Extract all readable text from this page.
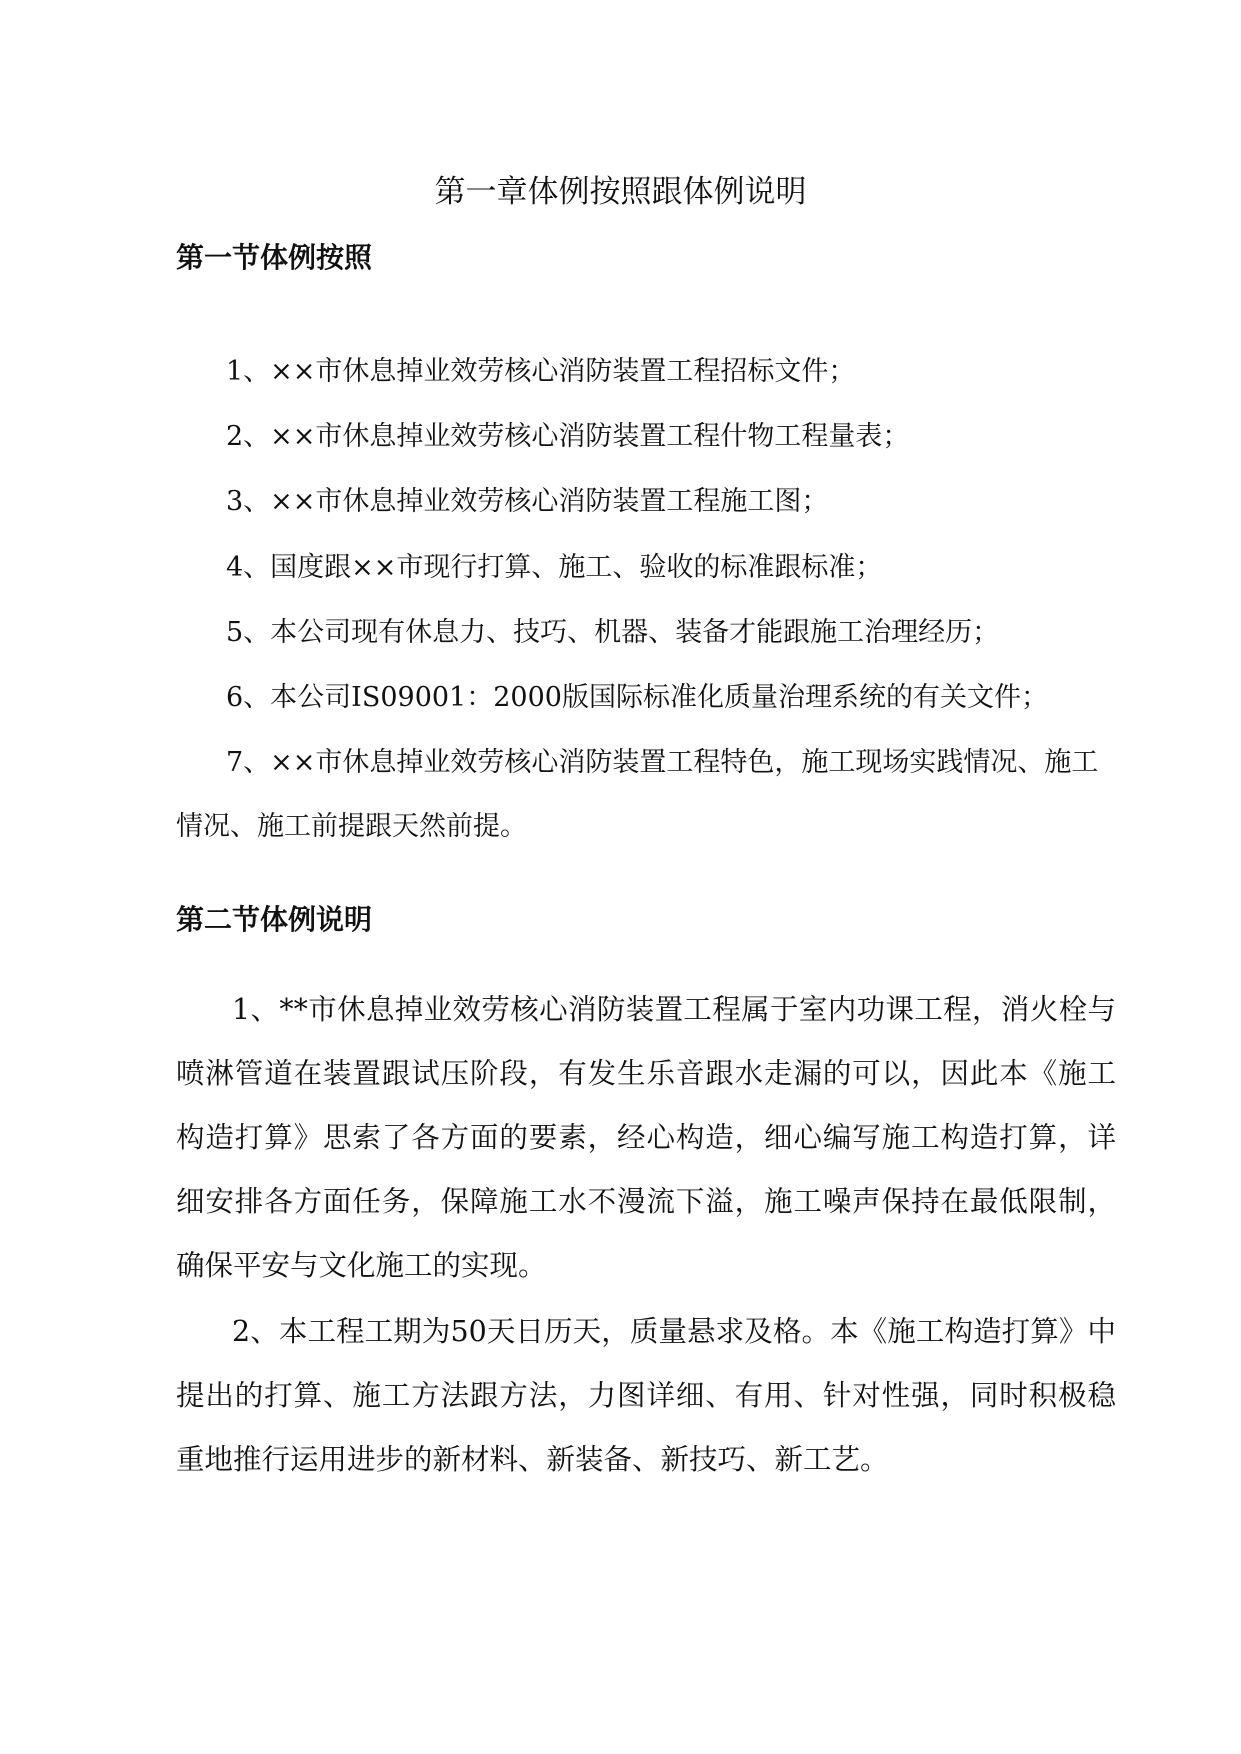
第一章体例按照跟体例说明
第一节体例按照

1、××市休息掉业效劳核心消防装置工程招标文件；

2、××市休息掉业效劳核心消防装置工程什物工程量表；

3、××市休息掉业效劳核心消防装置工程施工图；

4、国度跟××市现行打算、施工、验收的标准跟标准；

5、本公司现有休息力、技巧、机器、装备才能跟施工治理经历；

6、本公司IS09001：2000版国际标准化质量治理系统的有关文件；

7、××市休息掉业效劳核心消防装置工程特色，施工现场实践情况、施工情况、施工前提跟天然前提。

第二节体例说明

1、**市休息掉业效劳核心消防装置工程属于室内功课工程，消火栓与喷淋管道在装置跟试压阶段，有发生乐音跟水走漏的可以，因此本《施工构造打算》思索了各方面的要素，经心构造，细心编写施工构造打算，详细安排各方面任务，保障施工水不漫流下溢，施工噪声保持在最低限制，确保平安与文化施工的实现。

2、本工程工期为50天日历天，质量悬求及格。本《施工构造打算》中提出的打算、施工方法跟方法，力图详细、有用、针对性强，同时积极稳重地推行运用进步的新材料、新装备、新技巧、新工艺。
